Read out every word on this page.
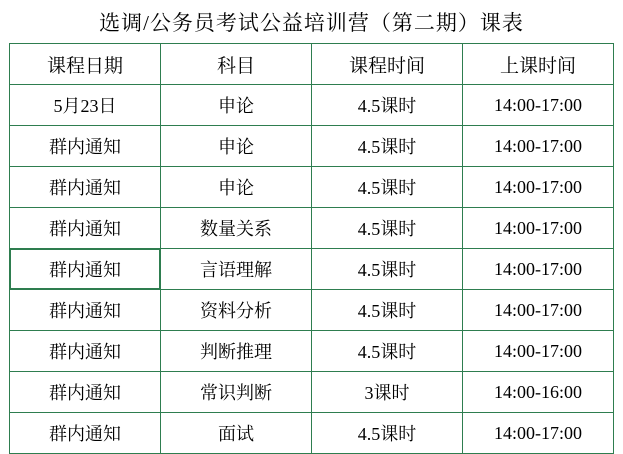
选调/公务员考试公益培训营（第二期）课表			
课程日期	科目	课程时间	上课时间
5月23日	申论	4.5课时	14:00-17:00
群内通知	申论	4.5课时	14:00-17:00
群内通知	申论	4.5课时	14:00-17:00
群内通知	数量关系	4.5课时	14:00-17:00
群内通知	言语理解	4.5课时	14:00-17:00
群内通知	资料分析	4.5课时	14:00-17:00
群内通知	判断推理	4.5课时	14:00-17:00
群内通知	常识判断	3课时	14:00-16:00
群内通知	面试	4.5课时	14:00-17:00
